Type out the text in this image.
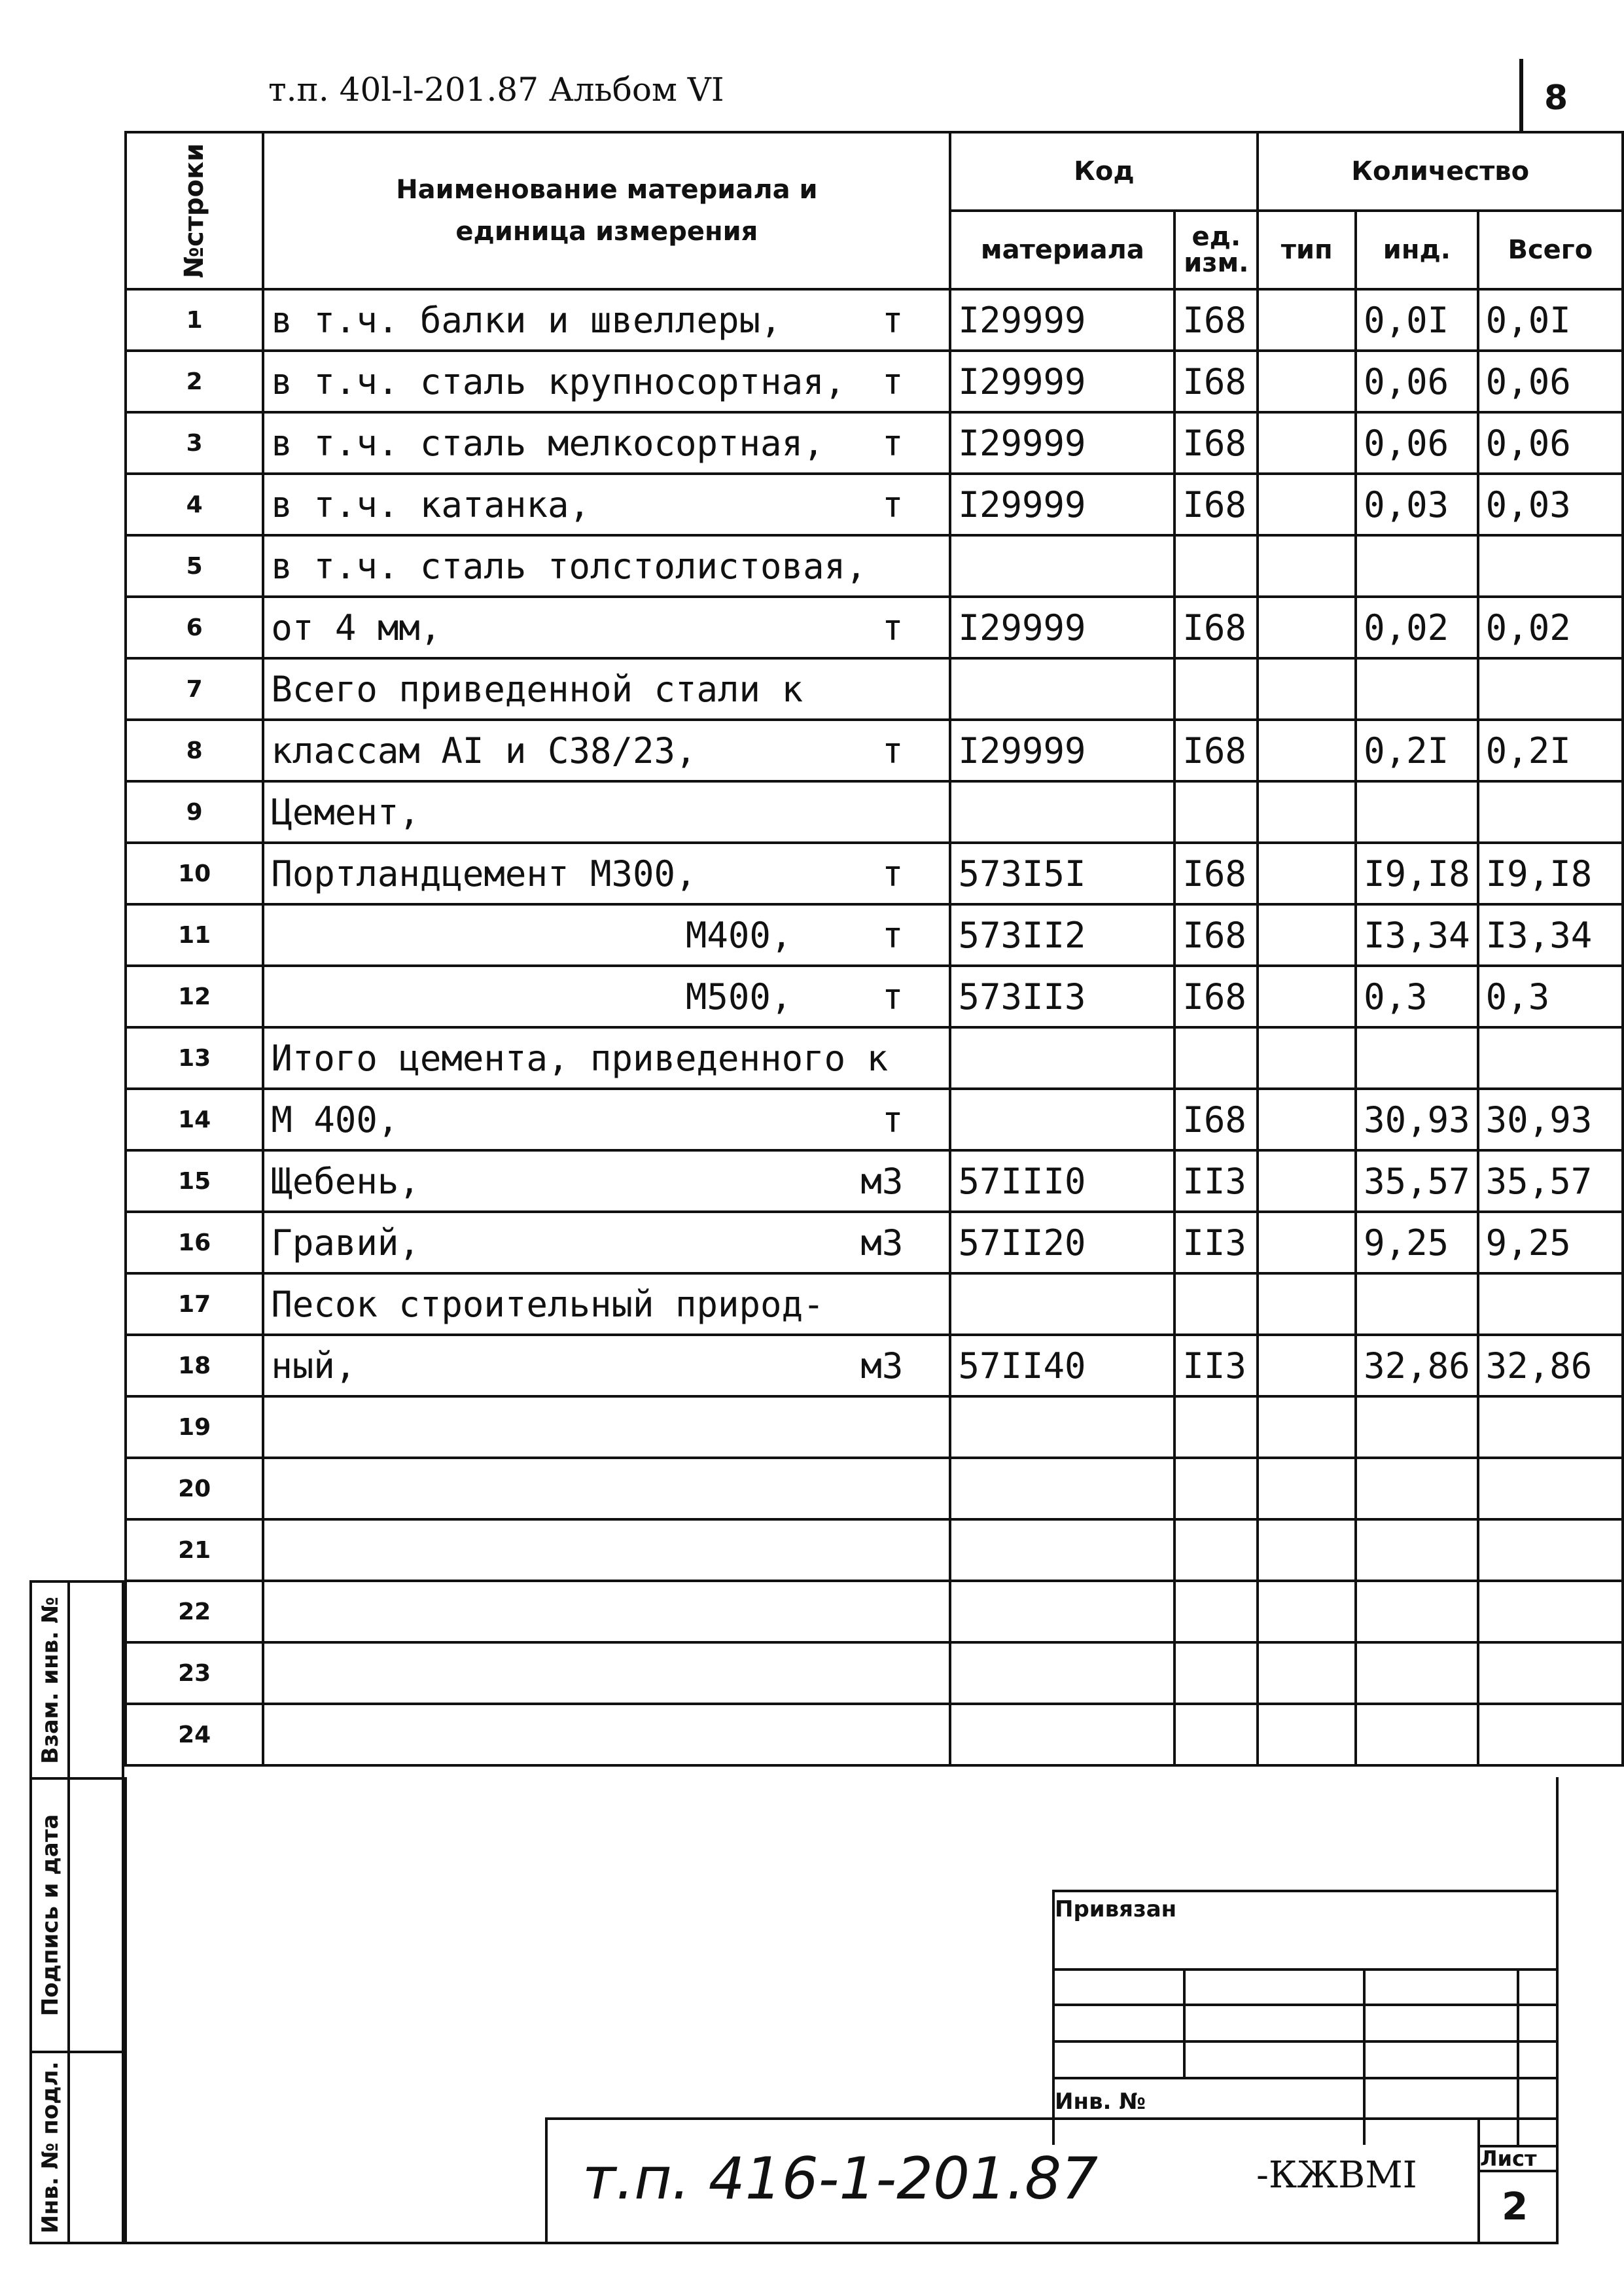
т.п. 40l-l-201.87 Альбом VI	8
№строки	Наименование материала и единица измерения	Код		Количество		
		материала	ед. изм.	тип	инд.	Всего
1	в т.ч. балки и швеллеры, т	I29999	I68		0,0I	0,0I
2	в т.ч. сталь крупносортная, т	I29999	I68		0,06	0,06
3	в т.ч. сталь мелкосортная, т	I29999	I68		0,06	0,06
4	в т.ч. катанка, т	I29999	I68		0,03	0,03
5	в т.ч. сталь толстолистовая,

6	от 4 мм, т	I29999	I68		0,02	0,02
7	Всего приведенной стали к

8	классам AI и C38/23, т	I29999	I68		0,2I	0,2I
9	Цемент,

10	Портландцемент М300, т	573I5I	I68		I9,I8	I9,I8
11	М400, т	573II2	I68		I3,34	I3,34
12	М500, т	573II3	I68		0,3	0,3
13	Итого цемента, приведенного к

14	М 400, т		I68		30,93	30,93
15	Щебень, м3	57III0	II3		35,57	35,57
16	Гравий, м3	57II20	II3		9,25	9,25
17	Песок строительный природ-

18	ный, м3	57II40	II3		32,86	32,86
19	

20	

21	

22	

23	

24	

Взам. инв. №
Подпись и дата
Инв. № подл.
Привязан
Инв. №
т.п. 416-1-201.87	-КЖВМI	Лист
2
